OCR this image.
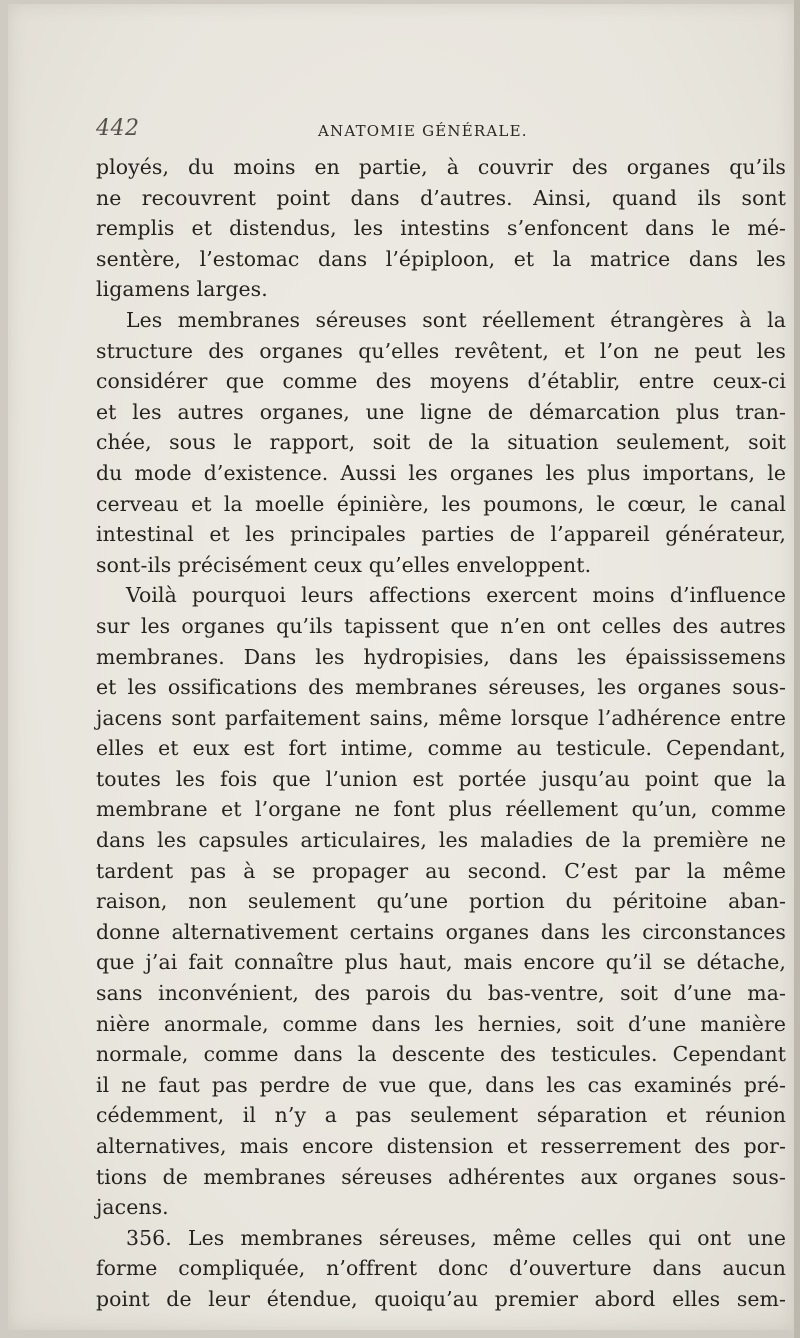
442	ANATOMIE GÉNÉRALE.
ployés, du moins en partie, à couvrir des organes qu’ils
ne recouvrent point dans d’autres. Ainsi, quand ils sont
remplis et distendus, les intestins s’enfoncent dans le mé-
sentère, l’estomac dans l’épiploon, et la matrice dans les
ligamens larges.
Les membranes séreuses sont réellement étrangères à la
structure des organes qu’elles revêtent, et l’on ne peut les
considérer que comme des moyens d’établir, entre ceux-ci
et les autres organes, une ligne de démarcation plus tran-
chée, sous le rapport, soit de la situation seulement, soit
du mode d’existence. Aussi les organes les plus importans, le
cerveau et la moelle épinière, les poumons, le cœur, le canal
intestinal et les principales parties de l’appareil générateur,
sont-ils précisément ceux qu’elles enveloppent.
Voilà pourquoi leurs affections exercent moins d’influence
sur les organes qu’ils tapissent que n’en ont celles des autres
membranes. Dans les hydropisies, dans les épaississemens
et les ossifications des membranes séreuses, les organes sous-
jacens sont parfaitement sains, même lorsque l’adhérence entre
elles et eux est fort intime, comme au testicule. Cependant,
toutes les fois que l’union est portée jusqu’au point que la
membrane et l’organe ne font plus réellement qu’un, comme
dans les capsules articulaires, les maladies de la première ne
tardent pas à se propager au second. C’est par la même
raison, non seulement qu’une portion du péritoine aban-
donne alternativement certains organes dans les circonstances
que j’ai fait connaître plus haut, mais encore qu’il se détache,
sans inconvénient, des parois du bas-ventre, soit d’une ma-
nière anormale, comme dans les hernies, soit d’une manière
normale, comme dans la descente des testicules. Cependant
il ne faut pas perdre de vue que, dans les cas examinés pré-
cédemment, il n’y a pas seulement séparation et réunion
alternatives, mais encore distension et resserrement des por-
tions de membranes séreuses adhérentes aux organes sous-
jacens.
356. Les membranes séreuses, même celles qui ont une
forme compliquée, n’offrent donc d’ouverture dans aucun
point de leur étendue, quoiqu’au premier abord elles sem-
